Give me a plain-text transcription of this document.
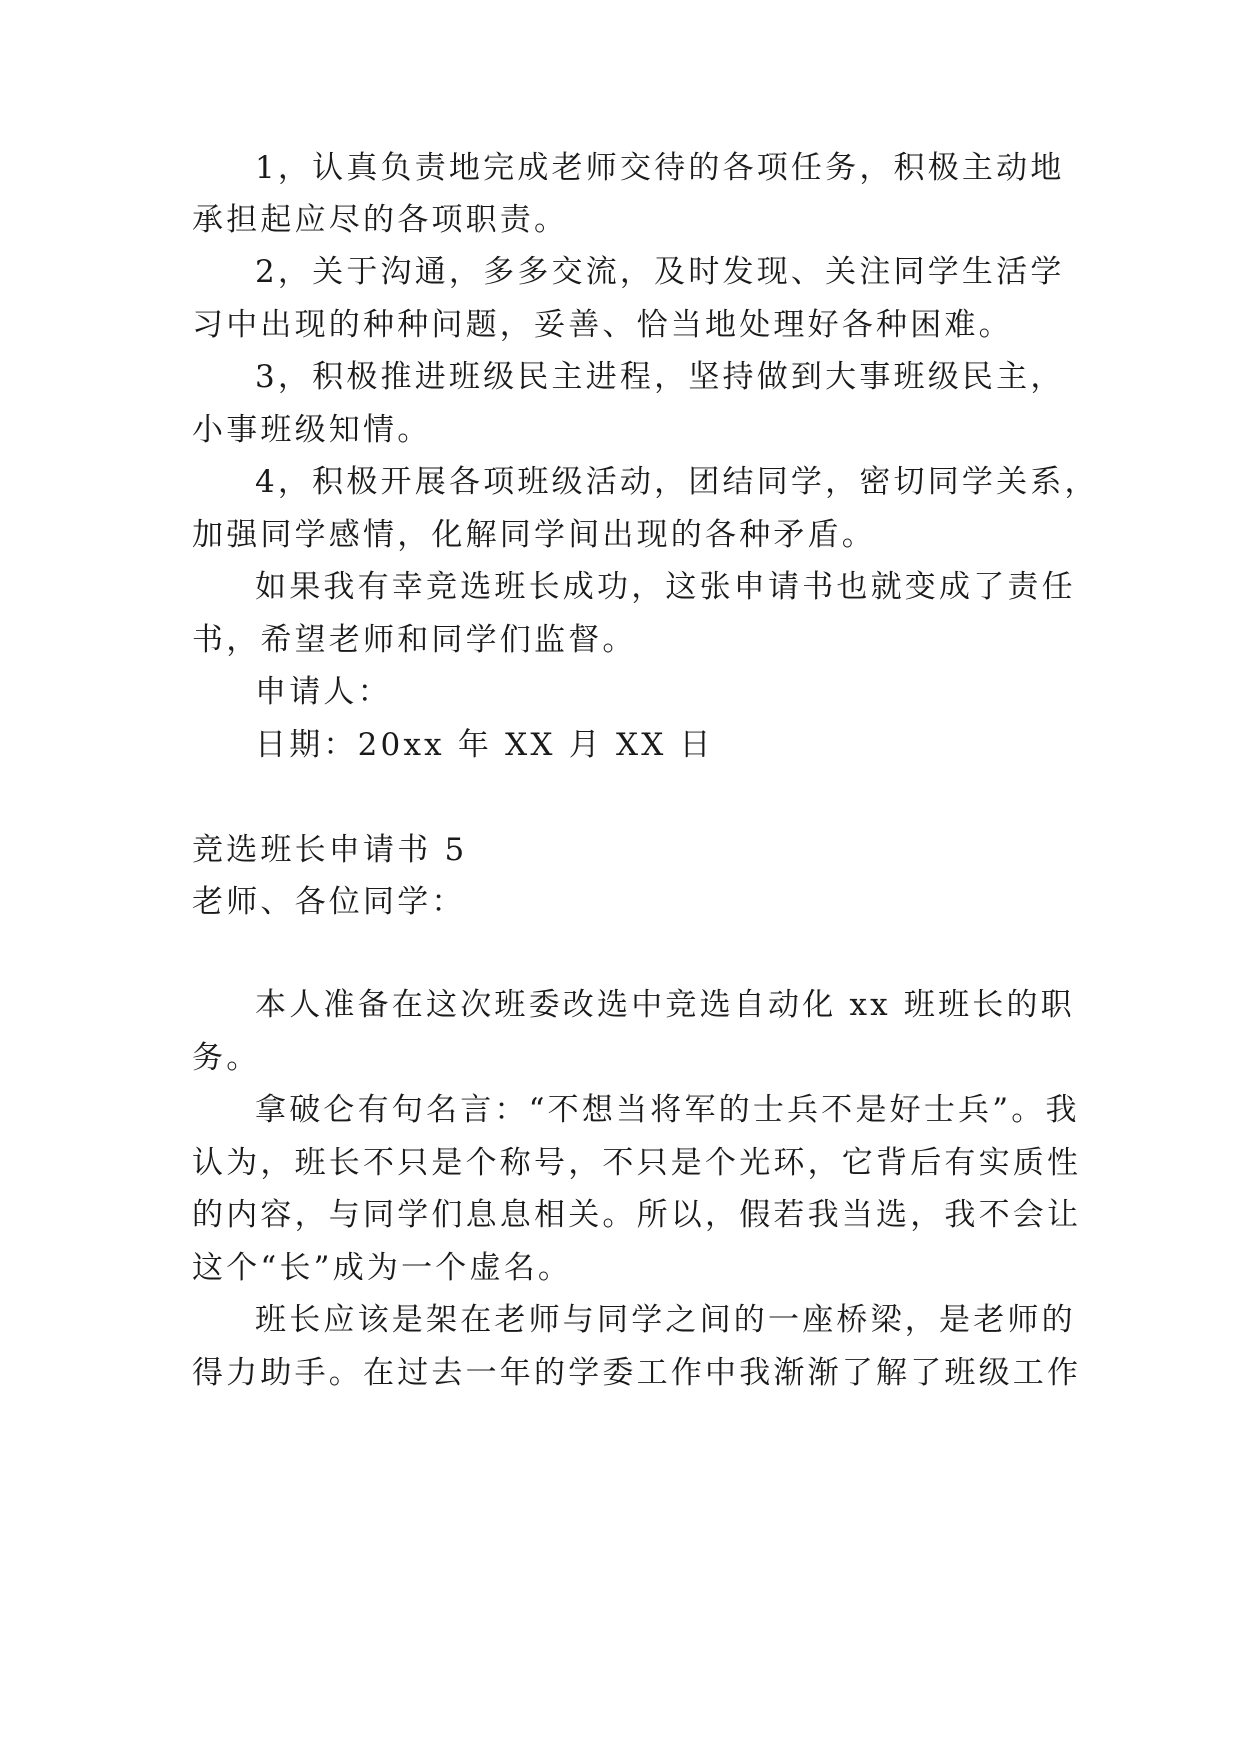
1，认真负责地完成老师交待的各项任务，积极主动地
承担起应尽的各项职责。
2，关于沟通，多多交流，及时发现、关注同学生活学
习中出现的种种问题，妥善、恰当地处理好各种困难。
3，积极推进班级民主进程，坚持做到大事班级民主，
小事班级知情。
4，积极开展各项班级活动，团结同学，密切同学关系，
加强同学感情，化解同学间出现的各种矛盾。
如果我有幸竞选班长成功，这张申请书也就变成了责任
书，希望老师和同学们监督。
申请人：
日期：20xx 年 XX 月 XX 日
竞选班长申请书 5
老师、各位同学：
本人准备在这次班委改选中竞选自动化 xx 班班长的职
务。
拿破仑有句名言：“不想当将军的士兵不是好士兵”。我
认为，班长不只是个称号，不只是个光环，它背后有实质性
的内容，与同学们息息相关。所以，假若我当选，我不会让
这个“长”成为一个虚名。
班长应该是架在老师与同学之间的一座桥梁，是老师的
得力助手。在过去一年的学委工作中我渐渐了解了班级工作
